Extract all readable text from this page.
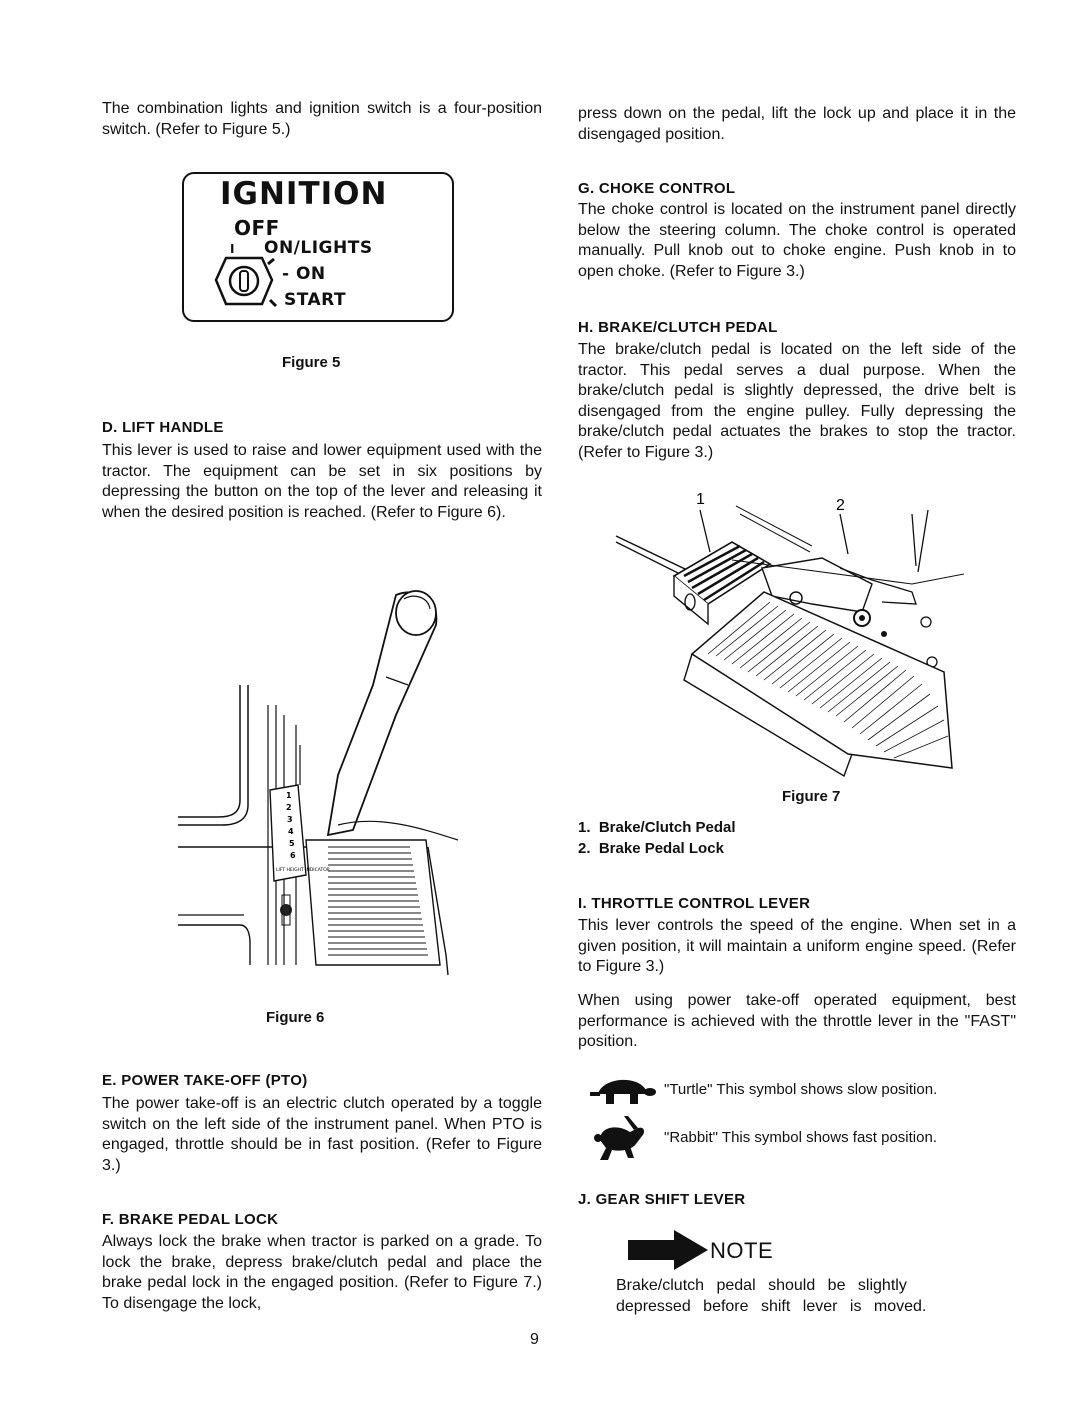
The combination lights and ignition switch is a four-position switch. (Refer to Figure 5.)

IGNITION
OFF
I ON/LIGHTS
- ON
START
Figure 5

D. LIFT HANDLE

This lever is used to raise and lower equipment used with the tractor. The equipment can be set in six positions by depressing the button on the top of the lever and releasing it when the desired position is reached. (Refer to Figure 6).

1
2
3
4
5
6
LIFT HEIGHT INDICATOR
Figure 6

E. POWER TAKE-OFF (PTO)

The power take-off is an electric clutch operated by a toggle switch on the left side of the instrument panel. When PTO is engaged, throttle should be in fast position. (Refer to Figure 3.)

F. BRAKE PEDAL LOCK

Always lock the brake when tractor is parked on a grade. To lock the brake, depress brake/clutch pedal and place the brake pedal lock in the engaged position. (Refer to Figure 7.) To disengage the lock,

press down on the pedal, lift the lock up and place it in the disengaged position.

G. CHOKE CONTROL

The choke control is located on the instrument panel directly below the steering column. The choke control is operated manually. Pull knob out to choke engine. Push knob in to open choke. (Refer to Figure 3.)

H. BRAKE/CLUTCH PEDAL

The brake/clutch pedal is located on the left side of the tractor. This pedal serves a dual purpose. When the brake/clutch pedal is slightly depressed, the drive belt is disengaged from the engine pulley. Fully depressing the brake/clutch pedal actuates the brakes to stop the tractor. (Refer to Figure 3.)

1	2
Figure 7

1.  Brake/Clutch Pedal

2.  Brake Pedal Lock

I. THROTTLE CONTROL LEVER

This lever controls the speed of the engine. When set in a given position, it will maintain a uniform engine speed. (Refer to Figure 3.)

When using power take-off operated equipment, best performance is achieved with the throttle lever in the "FAST" position.

"Turtle" This symbol shows slow position.
"Rabbit" This symbol shows fast position.

J. GEAR SHIFT LEVER

NOTE

Brake/clutch pedal should be slightly depressed before shift lever is moved.

9
